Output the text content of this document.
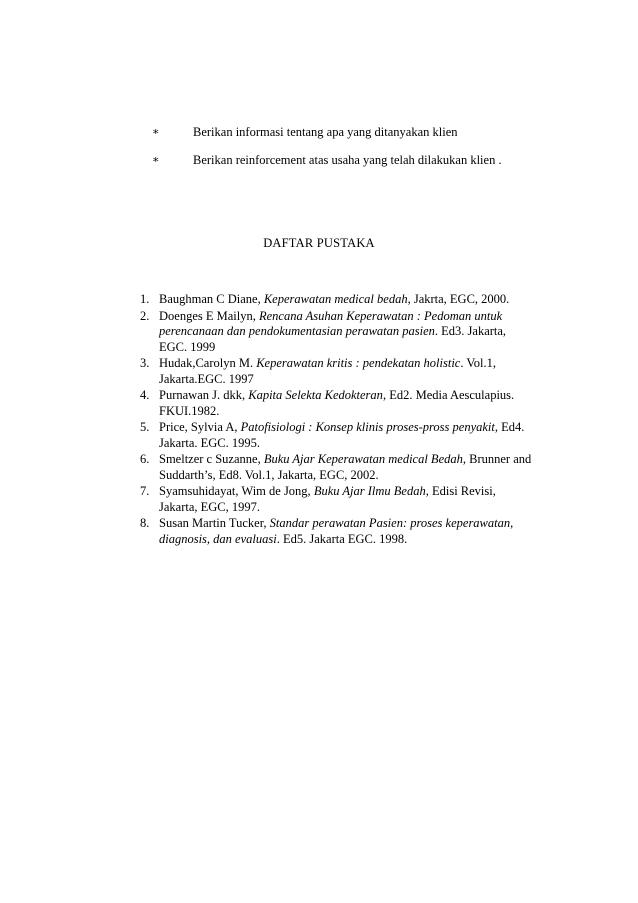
∗	Berikan informasi tentang apa yang ditanyakan klien
∗	Berikan reinforcement atas usaha yang telah dilakukan klien .
DAFTAR PUSTAKA
1. Baughman C Diane, Keperawatan medical bedah, Jakrta, EGC, 2000.
2. Doenges E Mailyn, Rencana Asuhan Keperawatan : Pedoman untuk
perencanaan dan pendokumentasian perawatan pasien. Ed3. Jakarta,
EGC. 1999
3. Hudak,Carolyn M. Keperawatan kritis : pendekatan holistic. Vol.1,
Jakarta.EGC. 1997
4. Purnawan J. dkk, Kapita Selekta Kedokteran, Ed2. Media Aesculapius.
FKUI.1982.
5. Price, Sylvia A, Patofisiologi : Konsep klinis proses-pross penyakit, Ed4.
Jakarta. EGC. 1995.
6. Smeltzer c Suzanne, Buku Ajar Keperawatan medical Bedah, Brunner and
Suddarth’s, Ed8. Vol.1, Jakarta, EGC, 2002.
7. Syamsuhidayat, Wim de Jong, Buku Ajar Ilmu Bedah, Edisi Revisi,
Jakarta, EGC, 1997.
8. Susan Martin Tucker, Standar perawatan Pasien: proses keperawatan,
diagnosis, dan evaluasi. Ed5. Jakarta EGC. 1998.
